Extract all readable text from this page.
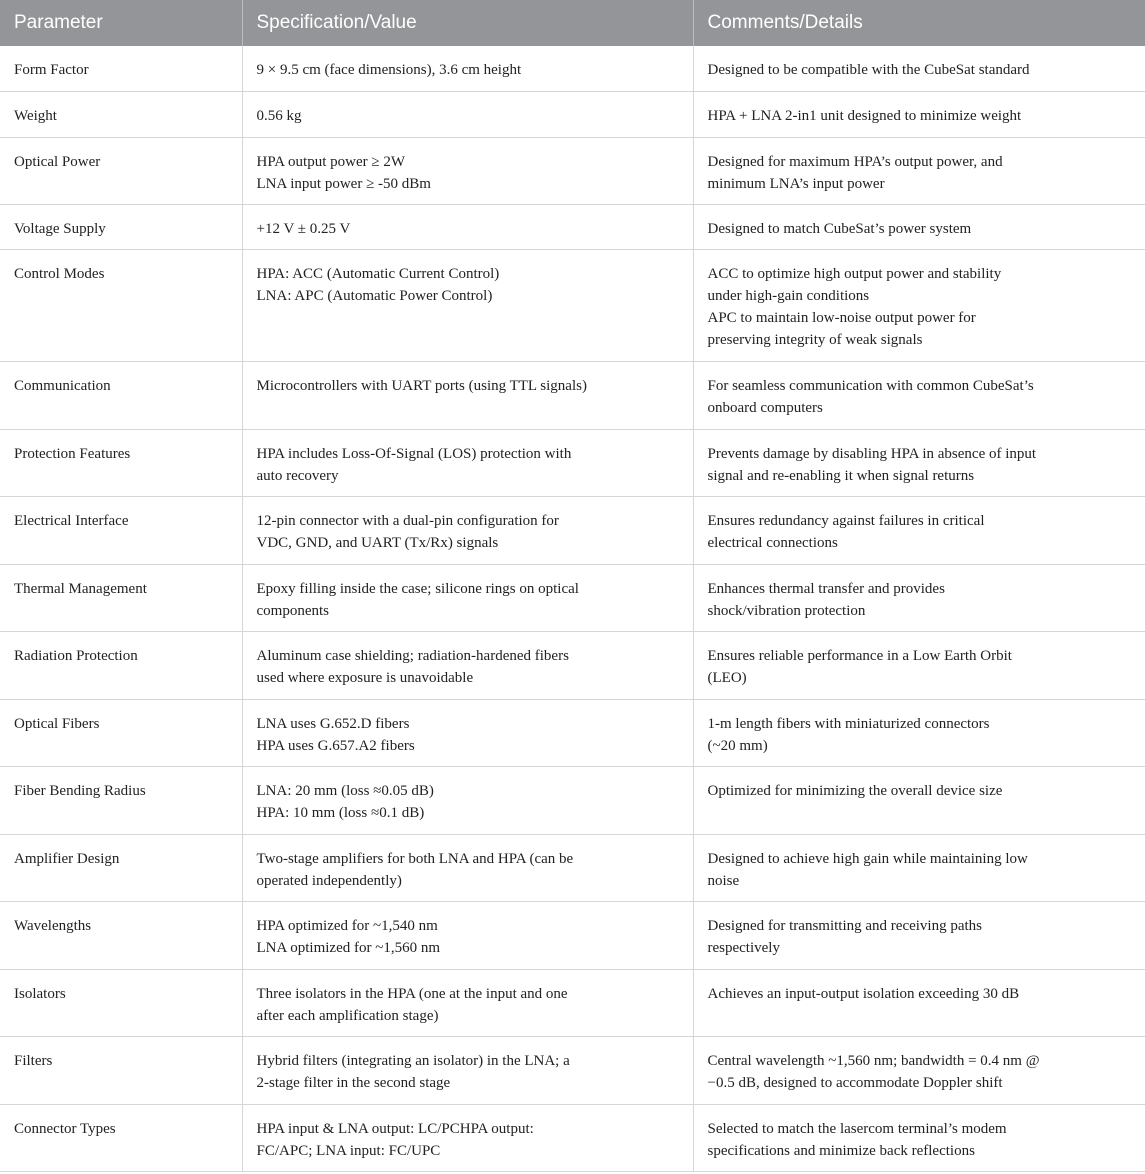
Parameter	Specification/Value	Comments/Details

Form Factor	9 × 9.5 cm (face dimensions), 3.6 cm height	Designed to be compatible with the CubeSat standard

Weight	0.56 kg	HPA + LNA 2-in1 unit designed to minimize weight

Optical Power	HPA output power ≥ 2W
LNA input power ≥ -50 dBm	Designed for maximum HPA’s output power, and
minimum LNA’s input power

Voltage Supply	+12 V ± 0.25 V	Designed to match CubeSat’s power system

Control Modes	HPA: ACC (Automatic Current Control)
LNA: APC (Automatic Power Control)	ACC to optimize high output power and stability
under high-gain conditions
APC to maintain low-noise output power for
preserving integrity of weak signals

Communication	Microcontrollers with UART ports (using TTL signals)	For seamless communication with common CubeSat’s
onboard computers

Protection Features	HPA includes Loss-Of-Signal (LOS) protection with
auto recovery	Prevents damage by disabling HPA in absence of input
signal and re-enabling it when signal returns

Electrical Interface	12-pin connector with a dual-pin configuration for
VDC, GND, and UART (Tx/Rx) signals	Ensures redundancy against failures in critical
electrical connections

Thermal Management	Epoxy filling inside the case; silicone rings on optical
components	Enhances thermal transfer and provides
shock/vibration protection

Radiation Protection	Aluminum case shielding; radiation-hardened fibers
used where exposure is unavoidable	Ensures reliable performance in a Low Earth Orbit
(LEO)

Optical Fibers	LNA uses G.652.D fibers
HPA uses G.657.A2 fibers	1-m length fibers with miniaturized connectors
(~20 mm)

Fiber Bending Radius	LNA: 20 mm (loss ≈0.05 dB)
HPA: 10 mm (loss ≈0.1 dB)	Optimized for minimizing the overall device size

Amplifier Design	Two-stage amplifiers for both LNA and HPA (can be
operated independently)	Designed to achieve high gain while maintaining low
noise

Wavelengths	HPA optimized for ~1,540 nm
LNA optimized for ~1,560 nm	Designed for transmitting and receiving paths
respectively

Isolators	Three isolators in the HPA (one at the input and one
after each amplification stage)	Achieves an input-output isolation exceeding 30 dB

Filters	Hybrid filters (integrating an isolator) in the LNA; a
2-stage filter in the second stage	Central wavelength ~1,560 nm; bandwidth = 0.4 nm @
−0.5 dB, designed to accommodate Doppler shift

Connector Types	HPA input & LNA output: LC/PCHPA output:
FC/APC; LNA input: FC/UPC	Selected to match the lasercom terminal’s modem
specifications and minimize back reflections
